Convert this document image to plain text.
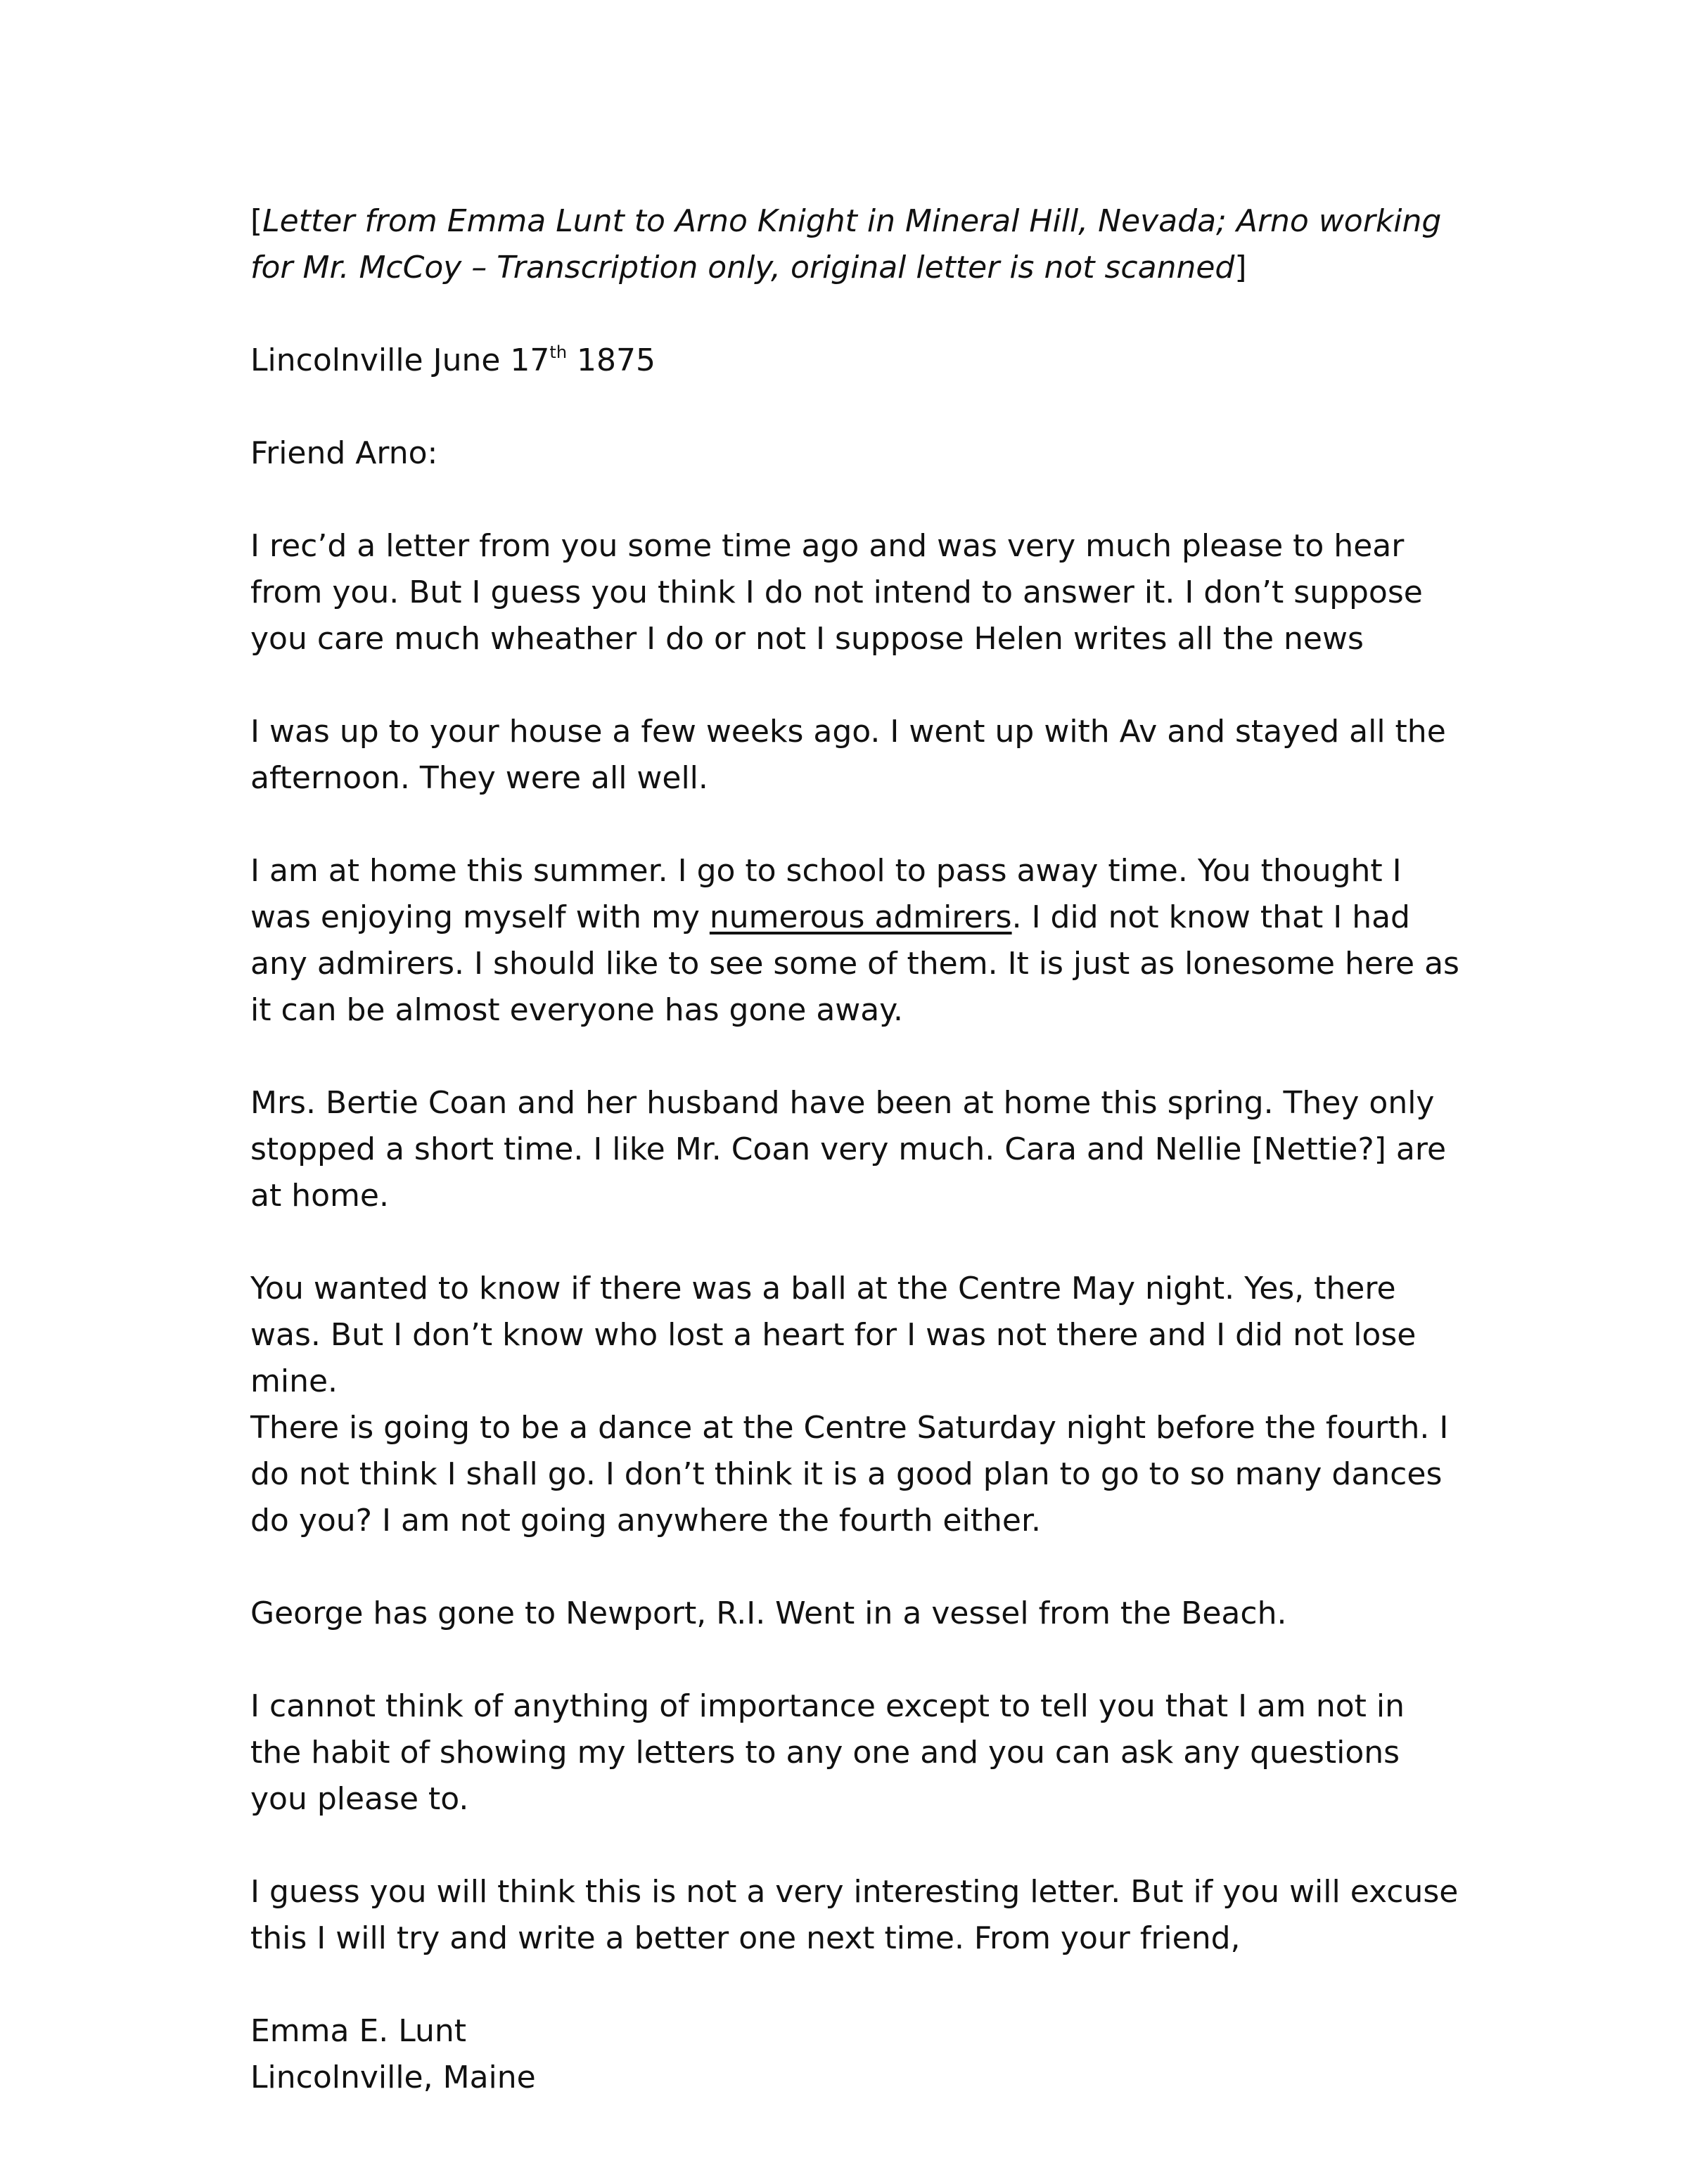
[Letter from Emma Lunt to Arno Knight in Mineral Hill, Nevada; Arno working for Mr. McCoy – Transcription only, original letter is not scanned]

Lincolnville June 17th 1875

Friend Arno:

I rec’d a letter from you some time ago and was very much please to hear from you. But I guess you think I do not intend to answer it. I don’t suppose you care much wheather I do or not I suppose Helen writes all the news

I was up to your house a few weeks ago. I went up with Av and stayed all the afternoon. They were all well.

I am at home this summer. I go to school to pass away time. You thought I was enjoying myself with my numerous admirers. I did not know that I had any admirers. I should like to see some of them. It is just as lonesome here as it can be almost everyone has gone away.

Mrs. Bertie Coan and her husband have been at home this spring. They only stopped a short time. I like Mr. Coan very much. Cara and Nellie [Nettie?] are at home.

You wanted to know if there was a ball at the Centre May night. Yes, there was. But I don’t know who lost a heart for I was not there and I did not lose mine.
There is going to be a dance at the Centre Saturday night before the fourth. I do not think I shall go. I don’t think it is a good plan to go to so many dances do you? I am not going anywhere the fourth either.

George has gone to Newport, R.I. Went in a vessel from the Beach.

I cannot think of anything of importance except to tell you that I am not in the habit of showing my letters to any one and you can ask any questions you please to.

I guess you will think this is not a very interesting letter. But if you will excuse this I will try and write a better one next time. From your friend,

Emma E. Lunt
Lincolnville, Maine
